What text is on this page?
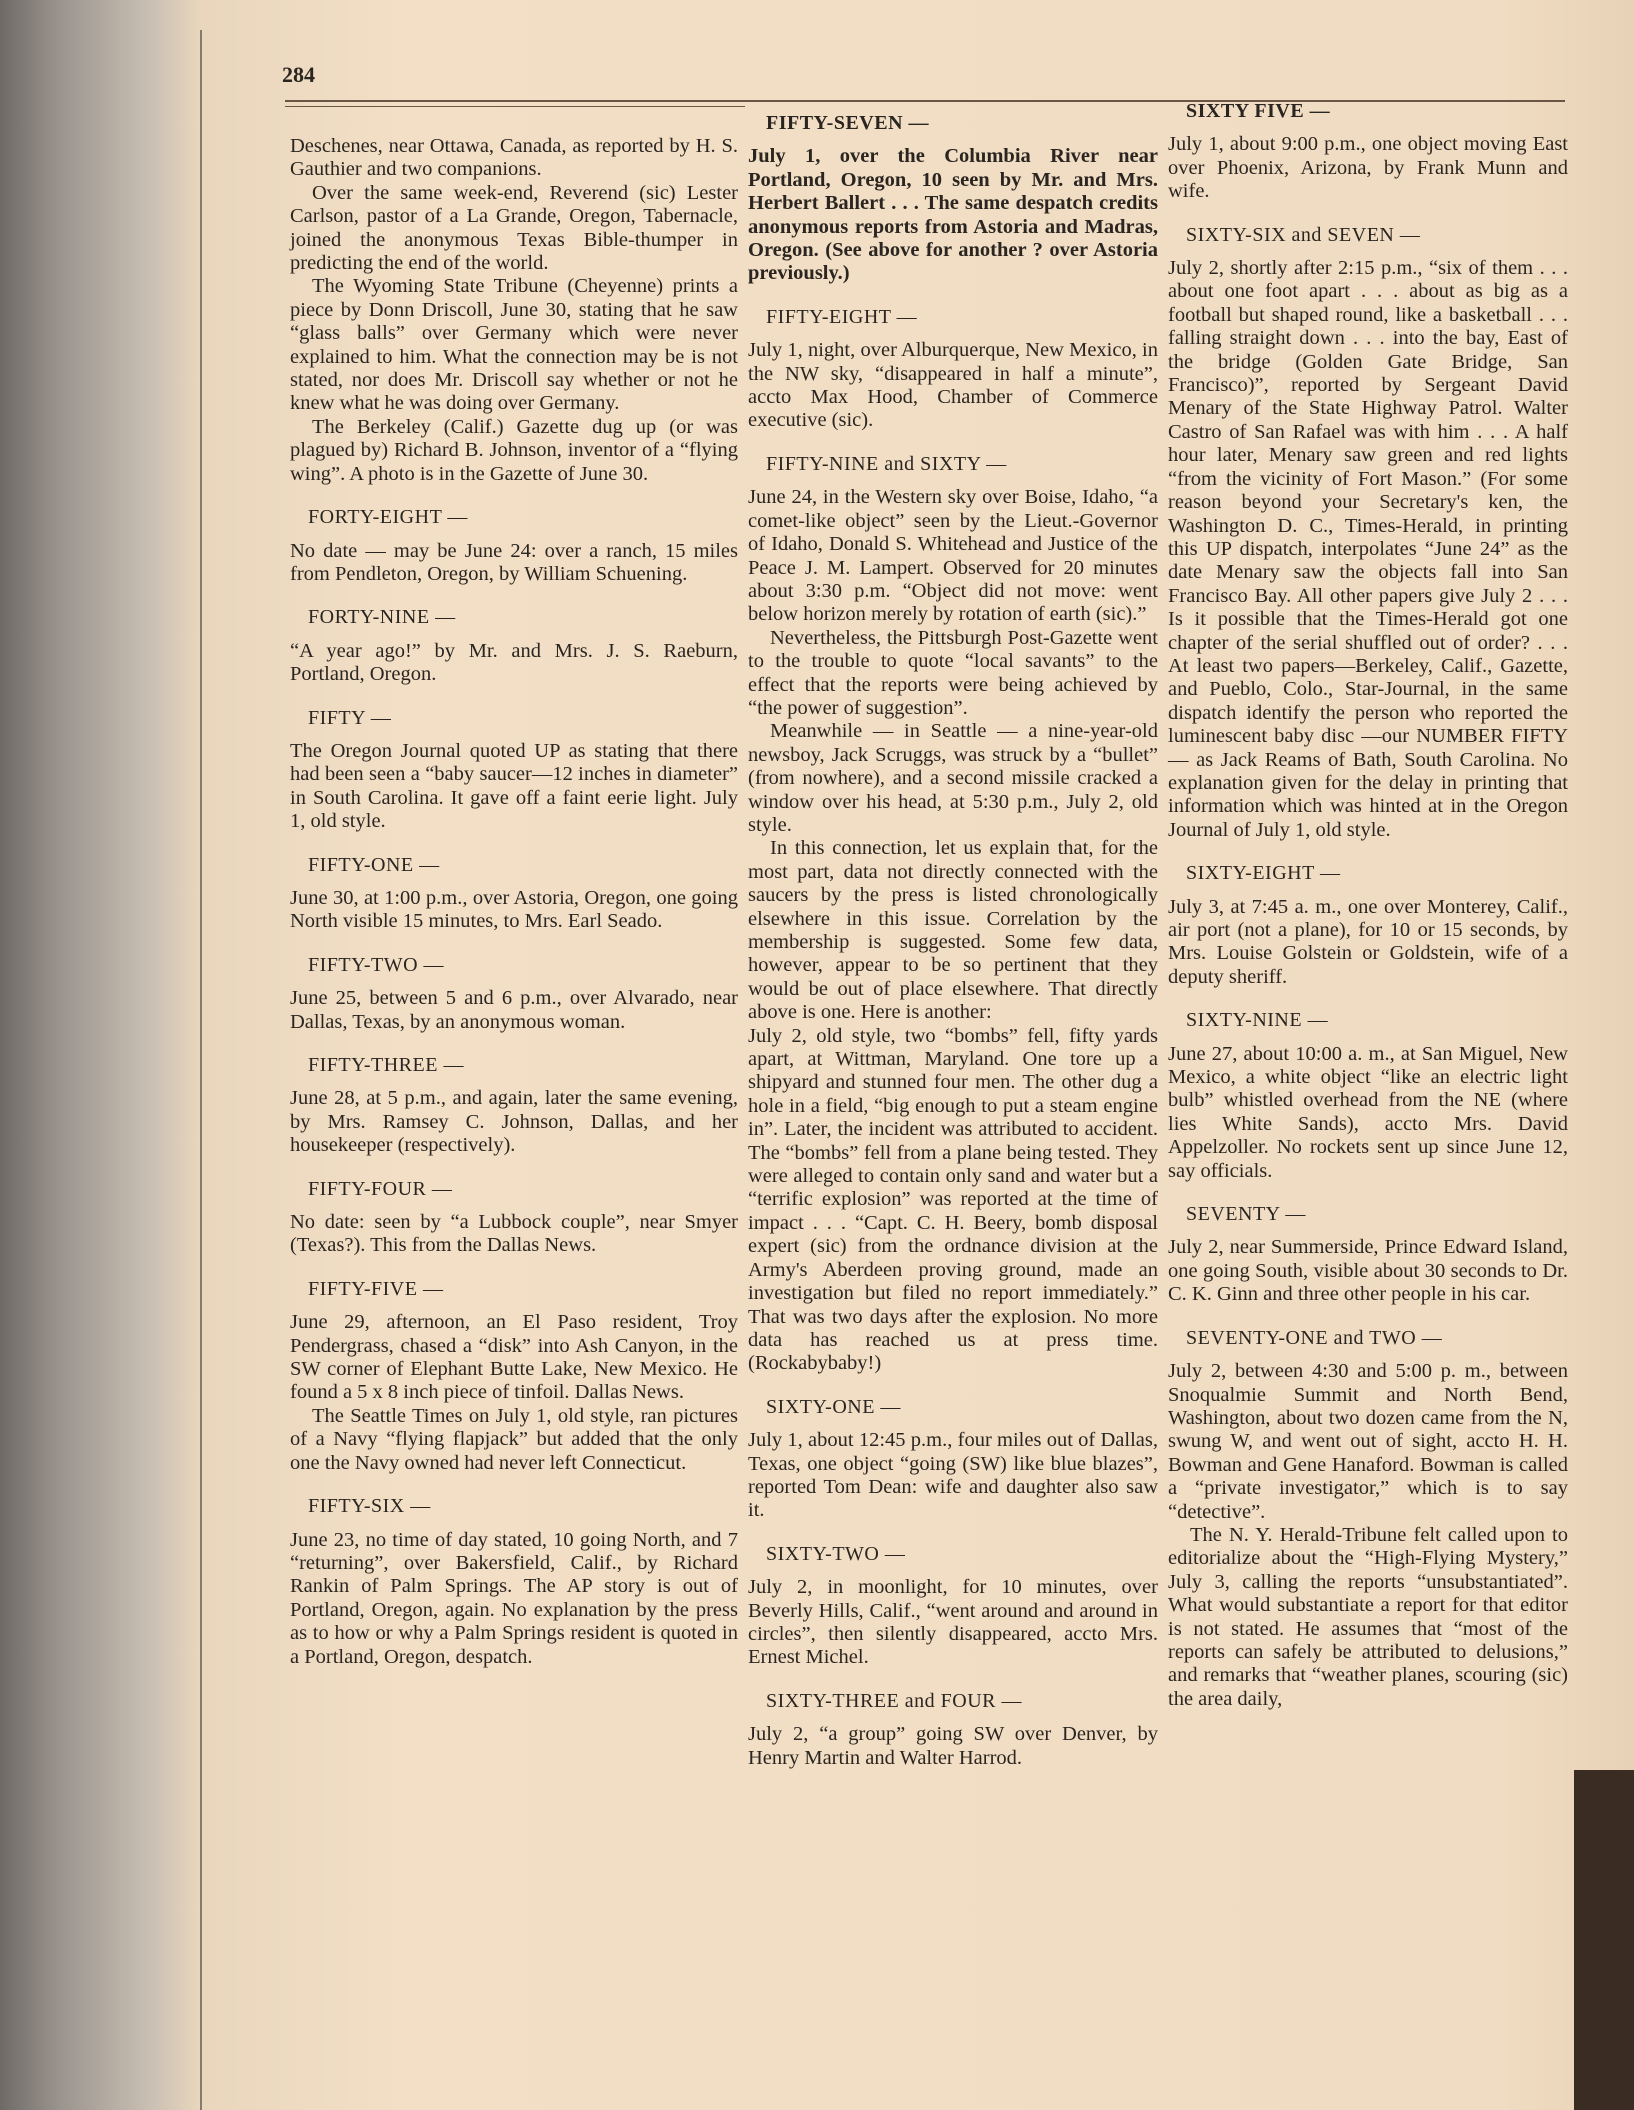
284

Deschenes, near Ottawa, Canada, as reported by H. S. Gauthier and two companions.

Over the same week-end, Reverend (sic) Lester Carlson, pastor of a La Grande, Oregon, Tabernacle, joined the anonymous Texas Bible-thumper in predicting the end of the world.

The Wyoming State Tribune (Cheyenne) prints a piece by Donn Driscoll, June 30, stating that he saw “glass balls” over Germany which were never explained to him. What the connection may be is not stated, nor does Mr. Driscoll say whether or not he knew what he was doing over Germany.

The Berkeley (Calif.) Gazette dug up (or was plagued by) Richard B. Johnson, inventor of a “flying wing”. A photo is in the Gazette of June 30.

FORTY-EIGHT —

No date — may be June 24: over a ranch, 15 miles from Pendleton, Oregon, by William Schuening.

FORTY-NINE —

“A year ago!” by Mr. and Mrs. J. S. Raeburn, Portland, Oregon.

FIFTY —

The Oregon Journal quoted UP as stating that there had been seen a “baby saucer—12 inches in diameter” in South Carolina. It gave off a faint eerie light. July 1, old style.

FIFTY-ONE —

June 30, at 1:00 p.m., over Astoria, Oregon, one going North visible 15 minutes, to Mrs. Earl Seado.

FIFTY-TWO —

June 25, between 5 and 6 p.m., over Alvarado, near Dallas, Texas, by an anonymous woman.

FIFTY-THREE —

June 28, at 5 p.m., and again, later the same evening, by Mrs. Ramsey C. Johnson, Dallas, and her housekeeper (respectively).

FIFTY-FOUR —

No date: seen by “a Lubbock couple”, near Smyer (Texas?). This from the Dallas News.

FIFTY-FIVE —

June 29, afternoon, an El Paso resident, Troy Pendergrass, chased a “disk” into Ash Canyon, in the SW corner of Elephant Butte Lake, New Mexico. He found a 5 x 8 inch piece of tinfoil. Dallas News.

The Seattle Times on July 1, old style, ran pictures of a Navy “flying flapjack” but added that the only one the Navy owned had never left Connecticut.

FIFTY-SIX —

June 23, no time of day stated, 10 going North, and 7 “returning”, over Bakersfield, Calif., by Richard Rankin of Palm Springs. The AP story is out of Portland, Oregon, again. No explanation by the press as to how or why a Palm Springs resident is quoted in a Portland, Oregon, despatch.

FIFTY-SEVEN —

July 1, over the Columbia River near Portland, Oregon, 10 seen by Mr. and Mrs. Herbert Ballert . . . The same despatch credits anonymous reports from Astoria and Madras, Oregon. (See above for another ? over Astoria previously.)

FIFTY-EIGHT —

July 1, night, over Alburquerque, New Mexico, in the NW sky, “disappeared in half a minute”, accto Max Hood, Chamber of Commerce executive (sic).

FIFTY-NINE and SIXTY —

June 24, in the Western sky over Boise, Idaho, “a comet-like object” seen by the Lieut.-Governor of Idaho, Donald S. Whitehead and Justice of the Peace J. M. Lampert. Observed for 20 minutes about 3:30 p.m. “Object did not move: went below horizon merely by rotation of earth (sic).”

Nevertheless, the Pittsburgh Post-Gazette went to the trouble to quote “local savants” to the effect that the reports were being achieved by “the power of suggestion”.

Meanwhile — in Seattle — a nine-year-old newsboy, Jack Scruggs, was struck by a “bullet” (from nowhere), and a second missile cracked a window over his head, at 5:30 p.m., July 2, old style.

In this connection, let us explain that, for the most part, data not directly connected with the saucers by the press is listed chronologically elsewhere in this issue. Correlation by the membership is suggested. Some few data, however, appear to be so pertinent that they would be out of place elsewhere. That directly above is one. Here is another:

July 2, old style, two “bombs” fell, fifty yards apart, at Wittman, Maryland. One tore up a shipyard and stunned four men. The other dug a hole in a field, “big enough to put a steam engine in”. Later, the incident was attributed to accident. The “bombs” fell from a plane being tested. They were alleged to contain only sand and water but a “terrific explosion” was reported at the time of impact . . . “Capt. C. H. Beery, bomb disposal expert (sic) from the ordnance division at the Army's Aberdeen proving ground, made an investigation but filed no report immediately.” That was two days after the explosion. No more data has reached us at press time. (Rockabybaby!)

SIXTY-ONE —

July 1, about 12:45 p.m., four miles out of Dallas, Texas, one object “going (SW) like blue blazes”, reported Tom Dean: wife and daughter also saw it.

SIXTY-TWO —

July 2, in moonlight, for 10 minutes, over Beverly Hills, Calif., “went around and around in circles”, then silently disappeared, accto Mrs. Ernest Michel.

SIXTY-THREE and FOUR —

July 2, “a group” going SW over Denver, by Henry Martin and Walter Harrod.

SIXTY FIVE —

July 1, about 9:00 p.m., one object moving East over Phoenix, Arizona, by Frank Munn and wife.

SIXTY-SIX and SEVEN —

July 2, shortly after 2:15 p.m., “six of them . . . about one foot apart . . . about as big as a football but shaped round, like a basketball . . . falling straight down . . . into the bay, East of the bridge (Golden Gate Bridge, San Francisco)”, reported by Sergeant David Menary of the State Highway Patrol. Walter Castro of San Rafael was with him . . . A half hour later, Menary saw green and red lights “from the vicinity of Fort Mason.” (For some reason beyond your Secretary's ken, the Washington D. C., Times-Herald, in printing this UP dispatch, interpolates “June 24” as the date Menary saw the objects fall into San Francisco Bay. All other papers give July 2 . . . Is it possible that the Times-Herald got one chapter of the serial shuffled out of order? . . . At least two papers—Berkeley, Calif., Gazette, and Pueblo, Colo., Star-Journal, in the same dispatch identify the person who reported the luminescent baby disc —our NUMBER FIFTY — as Jack Reams of Bath, South Carolina. No explanation given for the delay in printing that information which was hinted at in the Oregon Journal of July 1, old style.

SIXTY-EIGHT —

July 3, at 7:45 a. m., one over Monterey, Calif., air port (not a plane), for 10 or 15 seconds, by Mrs. Louise Golstein or Goldstein, wife of a deputy sheriff.

SIXTY-NINE —

June 27, about 10:00 a. m., at San Miguel, New Mexico, a white object “like an electric light bulb” whistled overhead from the NE (where lies White Sands), accto Mrs. David Appelzoller. No rockets sent up since June 12, say officials.

SEVENTY —

July 2, near Summerside, Prince Edward Island, one going South, visible about 30 seconds to Dr. C. K. Ginn and three other people in his car.

SEVENTY-ONE and TWO —

July 2, between 4:30 and 5:00 p. m., between Snoqualmie Summit and North Bend, Washington, about two dozen came from the N, swung W, and went out of sight, accto H. H. Bowman and Gene Hanaford. Bowman is called a “private investigator,” which is to say “detective”.

The N. Y. Herald-Tribune felt called upon to editorialize about the “High-Flying Mystery,” July 3, calling the reports “unsubstantiated”. What would substantiate a report for that editor is not stated. He assumes that “most of the reports can safely be attributed to delusions,” and remarks that “weather planes, scouring (sic) the area daily,
